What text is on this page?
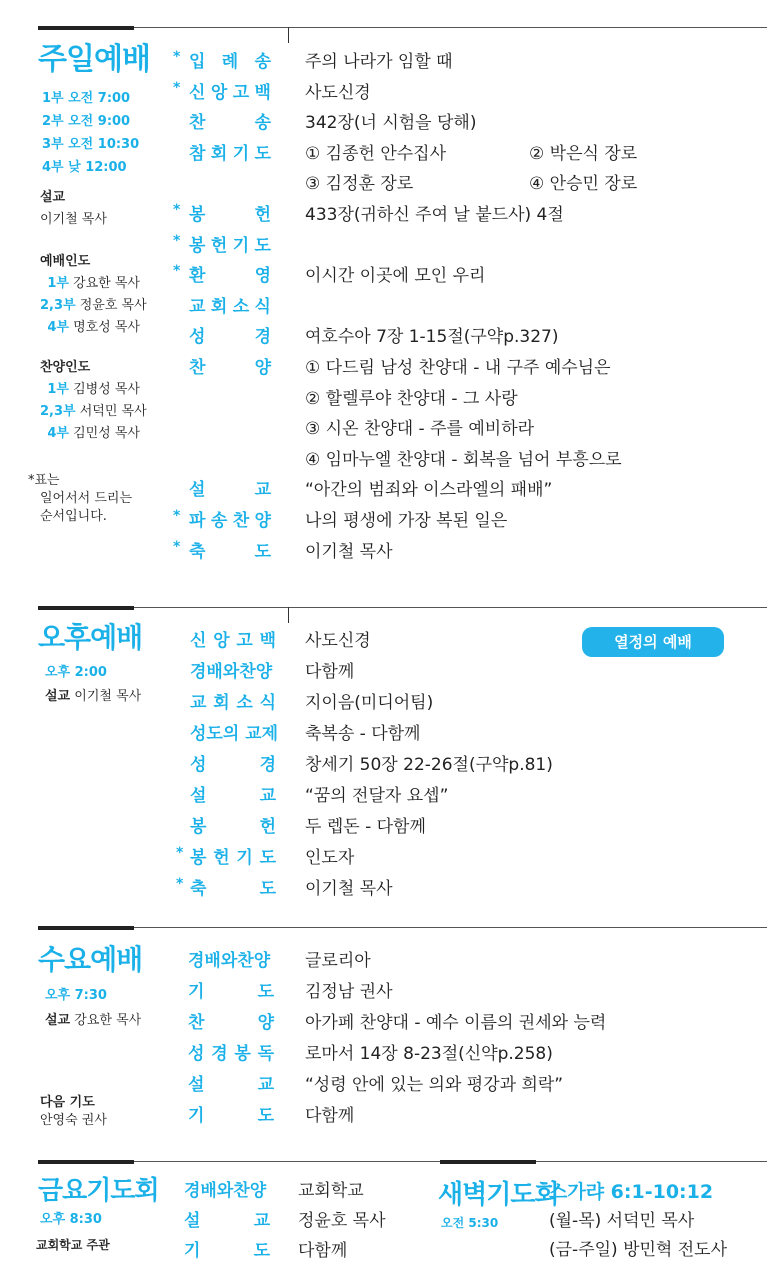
주일예배
1부 오전 7:00
2부 오전 9:00
3부 오전 10:30
4부 낮 12:00
설교
이기철 목사
예배인도
1부 강요한 목사
2,3부 정윤호 목사
4부 명호성 목사
찬양인도
1부 김병성 목사
2,3부 서덕민 목사
4부 김민성 목사
*표는
일어서서 드리는
순서입니다.
* 입 례 송 주의 나라가 임할 때
* 신 앙 고 백 사도신경
찬	송 342장(너 시험을 당해)
참 회 기 도 ① 김종헌 안수집사	② 박은식 장로
③ 김정훈 장로	④ 안승민 장로
* 봉	헌 433장(귀하신 주여 날 붙드사) 4절
* 봉 헌 기 도
* 환	영 이시간 이곳에 모인 우리
교 회 소 식
성	경 여호수아 7장 1-15절(구약p.327)
찬	양 ① 다드림 남성 찬양대 - 내 구주 예수님은
② 할렐루야 찬양대 - 그 사랑
③ 시온 찬양대 - 주를 예비하라
④ 임마누엘 찬양대 - 회복을 넘어 부흥으로
설	교 “아간의 범죄와 이스라엘의 패배”
* 파 송 찬 양 나의 평생에 가장 복된 일은
* 축	도 이기철 목사
오후예배
오후 2:00
설교 이기철 목사
열정의 예배
신 앙 고 백 사도신경
경배와찬양 다함께
교 회 소 식 지이음(미디어팀)
성도의 교제 축복송 - 다함께
성	경 창세기 50장 22-26절(구약p.81)
설	교 “꿈의 전달자 요셉”
봉	헌 두 렙돈 - 다함께
* 봉 헌 기 도 인도자
* 축	도 이기철 목사
수요예배
오후 7:30
설교 강요한 목사
다음 기도
안영숙 권사
경배와찬양 글로리아
기	도 김정남 권사
찬	양 아가페 찬양대 - 예수 이름의 권세와 능력
성 경 봉 독 로마서 14장 8-23절(신약p.258)
설	교 “성령 안에 있는 의와 평강과 희락”
기	도 다함께
금요기도회
오후 8:30
교회학교 주관
경배와찬양 교회학교
설	교 정윤호 목사
기	도 다함께
새벽기도회
오전 5:30
스가랴 6:1-10:12
(월-목) 서덕민 목사
(금-주일) 방민혁 전도사
